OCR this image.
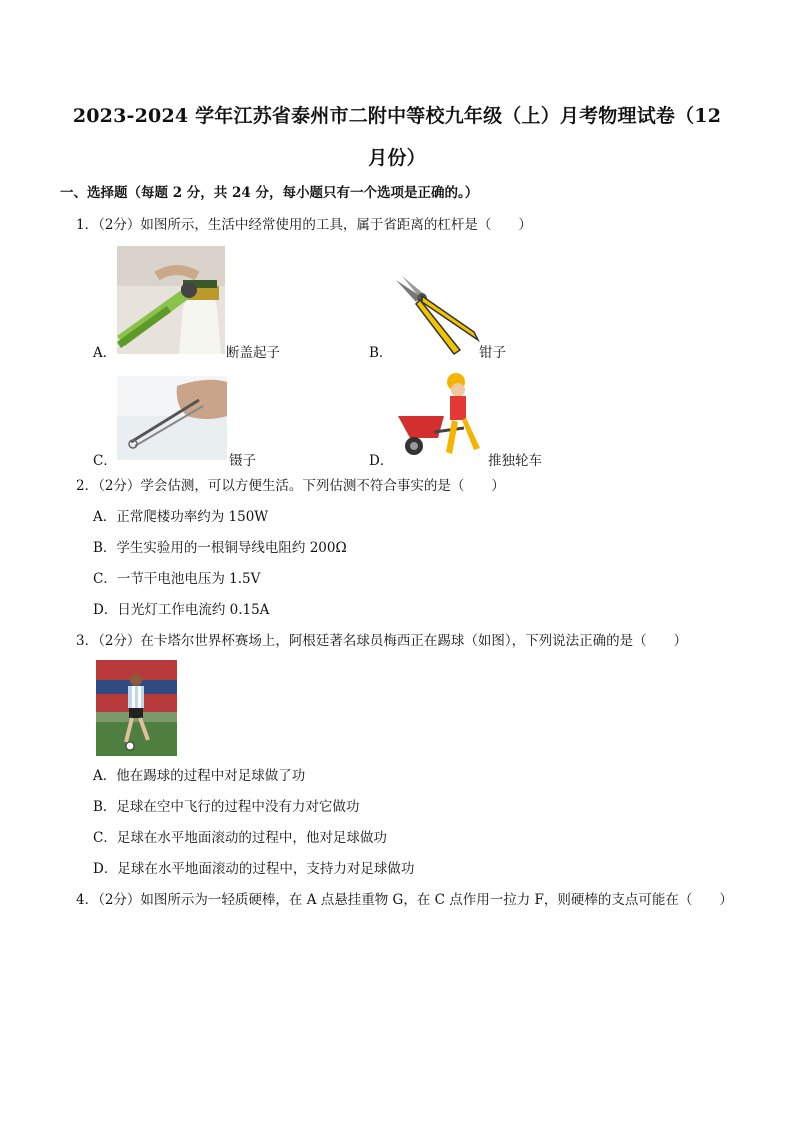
2023-2024 学年江苏省泰州市二附中等校九年级（上）月考物理试卷（12
月份）
一、选择题（每题 2 分，共 24 分，每小题只有一个选项是正确的。）
1．（2分）如图所示，生活中经常使用的工具，属于省距离的杠杆是（　　）
A．	断盖起子	B．	钳子
C．	镊子	D．	推独轮车
2．（2分）学会估测，可以方便生活。下列估测不符合事实的是（　　）
A．正常爬楼功率约为 150W
B．学生实验用的一根铜导线电阻约 200Ω
C．一节干电池电压为 1.5V
D．日光灯工作电流约 0.15A
3．（2分）在卡塔尔世界杯赛场上，阿根廷著名球员梅西正在踢球（如图），下列说法正确的是（　　）
A．他在踢球的过程中对足球做了功
B．足球在空中飞行的过程中没有力对它做功
C．足球在水平地面滚动的过程中，他对足球做功
D．足球在水平地面滚动的过程中，支持力对足球做功
4．（2分）如图所示为一轻质硬棒，在 A 点悬挂重物 G，在 C 点作用一拉力 F，则硬棒的支点可能在（　　）
